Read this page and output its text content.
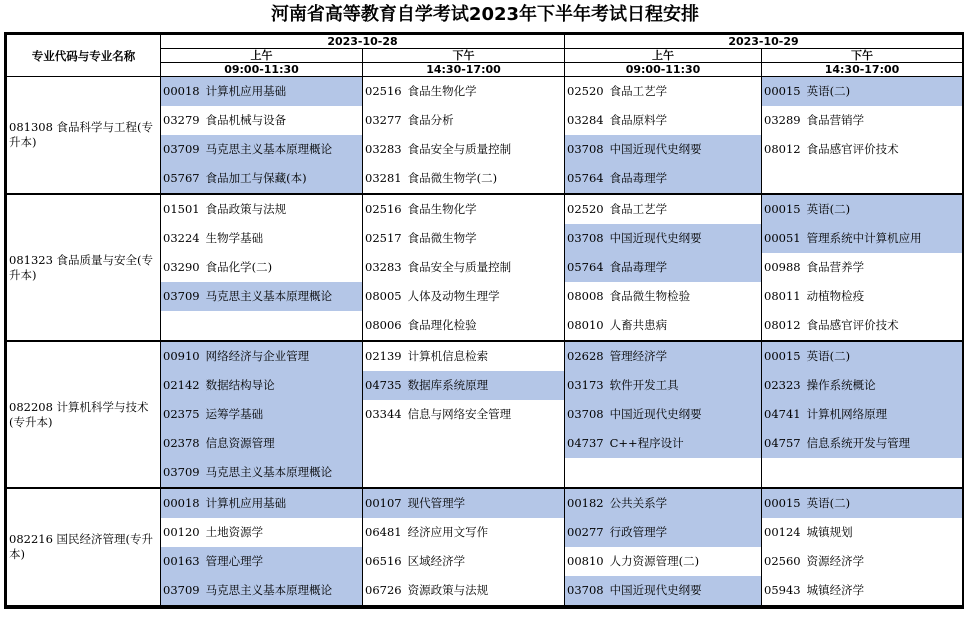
河南省高等教育自学考试2023年下半年考试日程安排
专业代码与专业名称	2023-10-28		2023-10-29	
	上午	下午	上午	下午
	09:00-11:30	14:30-17:00	09:00-11:30	14:30-17:00
081308 食品科学与工程(专升本)	00018 计算机应用基础	02516 食品生物化学	02520 食品工艺学	00015 英语(二)
	03279 食品机械与设备	03277 食品分析	03284 食品原料学	03289 食品营销学
	03709 马克思主义基本原理概论	03283 食品安全与质量控制	03708 中国近现代史纲要	08012 食品感官评价技术
	05767 食品加工与保藏(本)	03281 食品微生物学(二)	05764 食品毒理学	
081323 食品质量与安全(专升本)	01501 食品政策与法规	02516 食品生物化学	02520 食品工艺学	00015 英语(二)
	03224 生物学基础	02517 食品微生物学	03708 中国近现代史纲要	00051 管理系统中计算机应用
	03290 食品化学(二)	03283 食品安全与质量控制	05764 食品毒理学	00988 食品营养学
	03709 马克思主义基本原理概论	08005 人体及动物生理学	08008 食品微生物检验	08011 动植物检疫
		08006 食品理化检验	08010 人畜共患病	08012 食品感官评价技术
082208 计算机科学与技术(专升本)	00910 网络经济与企业管理	02139 计算机信息检索	02628 管理经济学	00015 英语(二)
	02142 数据结构导论	04735 数据库系统原理	03173 软件开发工具	02323 操作系统概论
	02375 运筹学基础	03344 信息与网络安全管理	03708 中国近现代史纲要	04741 计算机网络原理
	02378 信息资源管理		04737 C++程序设计	04757 信息系统开发与管理
	03709 马克思主义基本原理概论			
082216 国民经济管理(专升本)	00018 计算机应用基础	00107 现代管理学	00182 公共关系学	00015 英语(二)
	00120 土地资源学	06481 经济应用文写作	00277 行政管理学	00124 城镇规划
	00163 管理心理学	06516 区域经济学	00810 人力资源管理(二)	02560 资源经济学
	03709 马克思主义基本原理概论	06726 资源政策与法规	03708 中国近现代史纲要	05943 城镇经济学
